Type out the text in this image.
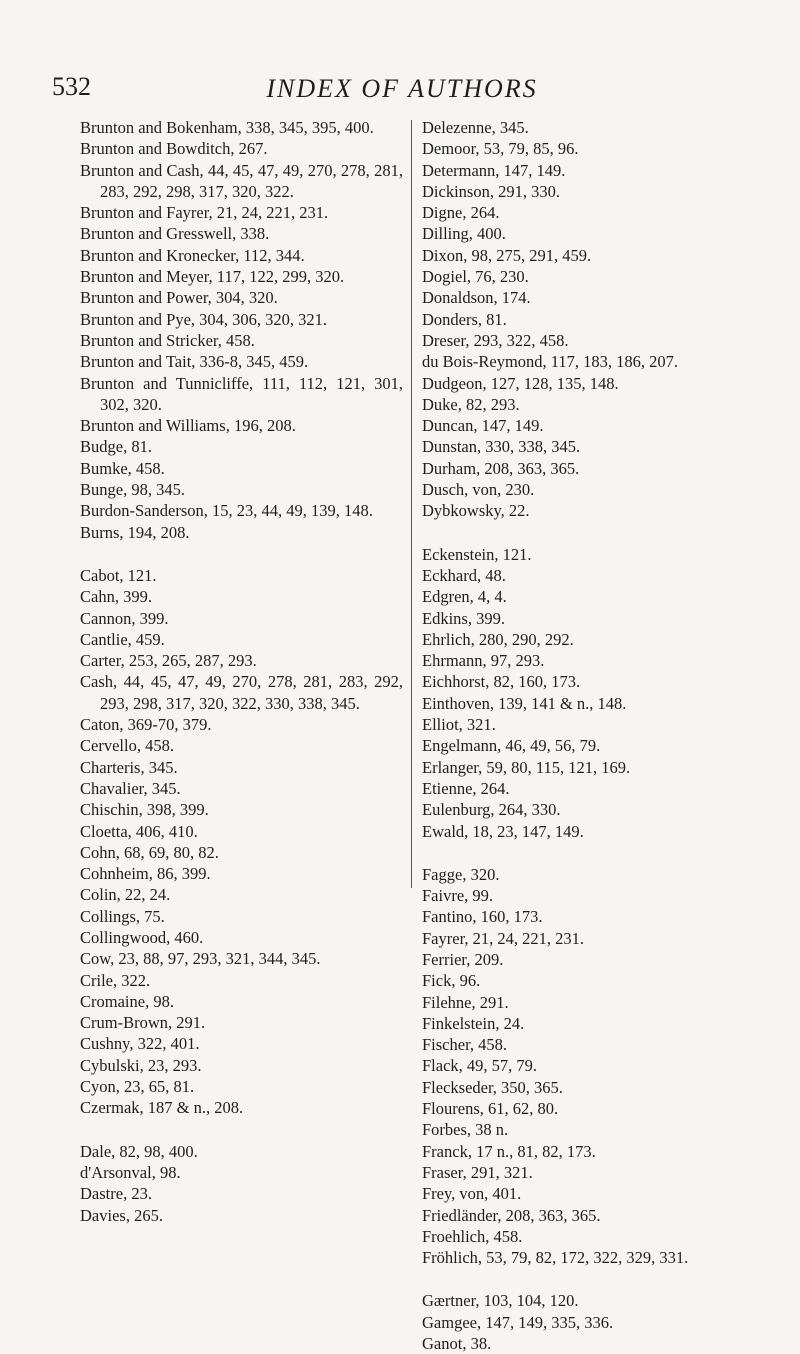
532	INDEX OF AUTHORS

Brunton and Bokenham, 338, 345, 395, 400.

Brunton and Bowditch, 267.

Brunton and Cash, 44, 45, 47, 49, 270, 278, 281, 283, 292, 298, 317, 320, 322.

Brunton and Fayrer, 21, 24, 221, 231.

Brunton and Gresswell, 338.

Brunton and Kronecker, 112, 344.

Brunton and Meyer, 117, 122, 299, 320.

Brunton and Power, 304, 320.

Brunton and Pye, 304, 306, 320, 321.

Brunton and Stricker, 458.

Brunton and Tait, 336-8, 345, 459.

Brunton and Tunnicliffe, 111, 112, 121, 301, 302, 320.

Brunton and Williams, 196, 208.

Budge, 81.

Bumke, 458.

Bunge, 98, 345.

Burdon-Sanderson, 15, 23, 44, 49, 139, 148.

Burns, 194, 208.

Cabot, 121.

Cahn, 399.

Cannon, 399.

Cantlie, 459.

Carter, 253, 265, 287, 293.

Cash, 44, 45, 47, 49, 270, 278, 281, 283, 292, 293, 298, 317, 320, 322, 330, 338, 345.

Caton, 369-70, 379.

Cervello, 458.

Charteris, 345.

Chavalier, 345.

Chischin, 398, 399.

Cloetta, 406, 410.

Cohn, 68, 69, 80, 82.

Cohnheim, 86, 399.

Colin, 22, 24.

Collings, 75.

Collingwood, 460.

Cow, 23, 88, 97, 293, 321, 344, 345.

Crile, 322.

Cromaine, 98.

Crum-Brown, 291.

Cushny, 322, 401.

Cybulski, 23, 293.

Cyon, 23, 65, 81.

Czermak, 187 & n., 208.

Dale, 82, 98, 400.

d'Arsonval, 98.

Dastre, 23.

Davies, 265.

Delezenne, 345.

Demoor, 53, 79, 85, 96.

Determann, 147, 149.

Dickinson, 291, 330.

Digne, 264.

Dilling, 400.

Dixon, 98, 275, 291, 459.

Dogiel, 76, 230.

Donaldson, 174.

Donders, 81.

Dreser, 293, 322, 458.

du Bois-Reymond, 117, 183, 186, 207.

Dudgeon, 127, 128, 135, 148.

Duke, 82, 293.

Duncan, 147, 149.

Dunstan, 330, 338, 345.

Durham, 208, 363, 365.

Dusch, von, 230.

Dybkowsky, 22.

Eckenstein, 121.

Eckhard, 48.

Edgren, 4, 4.

Edkins, 399.

Ehrlich, 280, 290, 292.

Ehrmann, 97, 293.

Eichhorst, 82, 160, 173.

Einthoven, 139, 141 & n., 148.

Elliot, 321.

Engelmann, 46, 49, 56, 79.

Erlanger, 59, 80, 115, 121, 169.

Etienne, 264.

Eulenburg, 264, 330.

Ewald, 18, 23, 147, 149.

Fagge, 320.

Faivre, 99.

Fantino, 160, 173.

Fayrer, 21, 24, 221, 231.

Ferrier, 209.

Fick, 96.

Filehne, 291.

Finkelstein, 24.

Fischer, 458.

Flack, 49, 57, 79.

Fleckseder, 350, 365.

Flourens, 61, 62, 80.

Forbes, 38 n.

Franck, 17 n., 81, 82, 173.

Fraser, 291, 321.

Frey, von, 401.

Friedländer, 208, 363, 365.

Froehlich, 458.

Fröhlich, 53, 79, 82, 172, 322, 329, 331.

Gærtner, 103, 104, 120.

Gamgee, 147, 149, 335, 336.

Ganot, 38.
